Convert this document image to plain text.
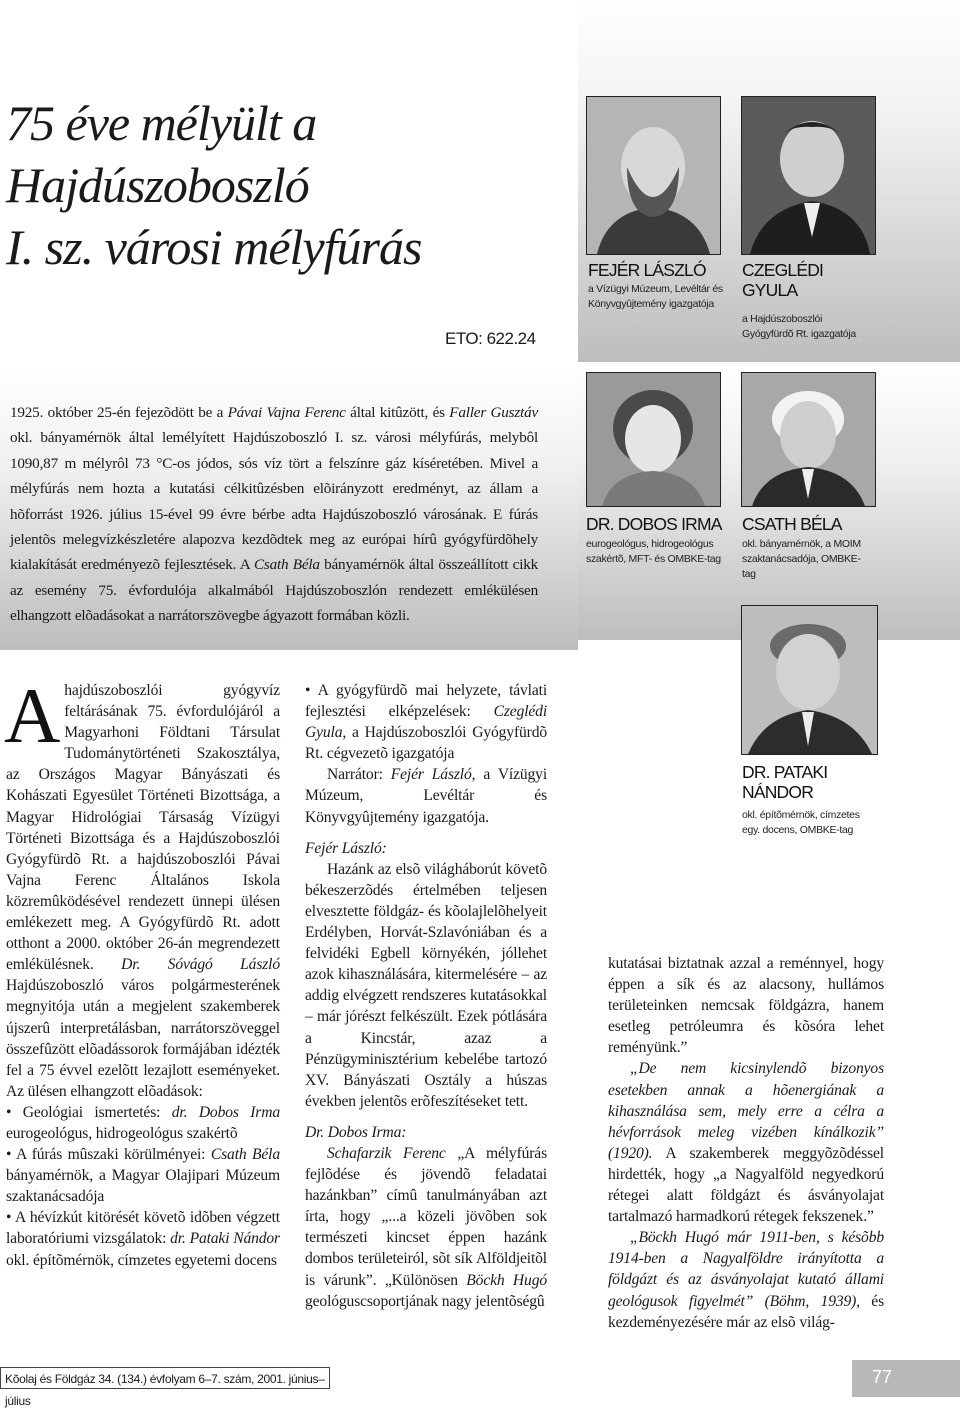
75 éve mélyült a
Hajdúszoboszló
I. sz. városi mélyfúrás
ETO: 622.24
1925. október 25-én fejezõdött be a Pávai Vajna Ferenc által kitûzött, és Faller Gusztáv okl. bányamérnök által lemélyített Hajdúszoboszló I. sz. városi mélyfúrás, melybôl 1090,87 m mélyrôl 73 °C-os jódos, sós víz tört a felszínre gáz kíséretében. Mivel a mélyfúrás nem hozta a kutatási célkitûzésben elõirányzott eredményt, az állam a hõforrást 1926. július 15-ével 99 évre bérbe adta Hajdúszoboszló városának. E fúrás jelentõs melegvízkészletére alapozva kezdõdtek meg az európai hírû gyógyfürdõhely kialakítását eredményezõ fejlesztések. A Csath Béla bányamérnök által összeállított cikk az esemény 75. évfordulója alkalmából Hajdúszoboszlón rendezett emlékülésen elhangzott elõadásokat a narrátorszövegbe ágyazott formában közli.
FEJÉR LÁSZLÓ
a Vízügyi Múzeum, Levéltár és Könyvgyûjtemény igazgatója
CZEGLÉDI GYULA
a Hajdúszoboszlói Gyógyfürdõ Rt. igazgatója
DR. DOBOS IRMA
eurogeológus, hidrogeológus szakértõ, MFT- és OMBKE-tag
CSATH BÉLA
okl. bányamérnök, a MOIM szaktanácsadója, OMBKE-tag
DR. PATAKI NÁNDOR
okl. építõmérnök, címzetes egy. docens, OMBKE-tag

A hajdúszoboszlói gyógyvíz feltárásának 75. évfordulójáról a Magyarhoni Földtani Társulat Tudománytörténeti Szakosztálya, az Országos Magyar Bányászati és Kohászati Egyesület Történeti Bizottsága, a Magyar Hidrológiai Társaság Vízügyi Történeti Bizottsága és a Hajdúszoboszlói Gyógyfürdõ Rt. a hajdúszoboszlói Pávai Vajna Ferenc Általános Iskola közremûködésével rendezett ünnepi ülésen emlékezett meg. A Gyógyfürdõ Rt. adott otthont a 2000. október 26-án megrendezett emlékülésnek. Dr. Sóvágó László Hajdúszoboszló város polgármesterének megnyitója után a megjelent szakemberek újszerû interpretálásban, narrátorszöveggel összefûzött elõadássorok formájában idézték fel a 75 évvel ezelõtt lezajlott eseményeket. Az ülésen elhangzott elõadások:

• Geológiai ismertetés: dr. Dobos Irma eurogeológus, hidrogeológus szakértõ

• A fúrás mûszaki körülményei: Csath Béla bányamérnök, a Magyar Olajipari Múzeum szaktanácsadója

• A hévízkút kitörését követõ idõben végzett laboratóriumi vizsgálatok: dr. Pataki Nándor okl. építõmérnök, címzetes egyetemi docens

• A gyógyfürdõ mai helyzete, távlati fejlesztési elképzelések: Czeglédi Gyula, a Hajdúszoboszlói Gyógyfürdõ Rt. cégvezetõ igazgatója

Narrátor: Fejér László, a Vízügyi Múzeum, Levéltár és Könyvgyûjtemény igazgatója.

Fejér László:

Hazánk az elsõ világháborút követõ békeszerzõdés értelmében teljesen elvesztette földgáz- és kõolajlelõhelyeit Erdélyben, Horvát-Szlavóniában és a felvidéki Egbell környékén, jóllehet azok kihasználására, kitermelésére – az addig elvégzett rendszeres kutatásokkal – már jórészt felkészült. Ezek pótlására a Kincstár, azaz a Pénzügyminisztérium kebelébe tartozó XV. Bányászati Osztály a húszas években jelentõs erõfeszítéseket tett.

Dr. Dobos Irma:

Schafarzik Ferenc „A mélyfúrás fejlõdése és jövendõ feladatai hazánkban” címû tanulmányában azt írta, hogy „...a közeli jövõben sok természeti kincset éppen hazánk dombos területeiról, sõt sík Alföldjeitõl is várunk”. „Különösen Böckh Hugó geológuscsoportjának nagy jelentõségû

kutatásai biztatnak azzal a reménnyel, hogy éppen a sík és az alacsony, hullámos területeinken nemcsak földgázra, hanem esetleg petróleumra és kõsóra lehet reményünk.”

„De nem kicsinylendõ bizonyos esetekben annak a hõenergiának a kihasználása sem, mely erre a célra a hévforrások meleg vizében kínálkozik” (1920). A szakemberek meggyõzõdéssel hirdették, hogy „a Nagyalföld negyedkorú rétegei alatt földgázt és ásványolajat tartalmazó harmadkorú rétegek fekszenek.”

„Böckh Hugó már 1911-ben, s késõbb 1914-ben a Nagyalföldre irányította a földgázt és az ásványolajat kutató állami geológusok figyelmét” (Böhm, 1939), és kezdeményezésére már az elsõ világ-

Kõolaj és Földgáz 34. (134.) évfolyam 6–7. szám, 2001. június–július
77
